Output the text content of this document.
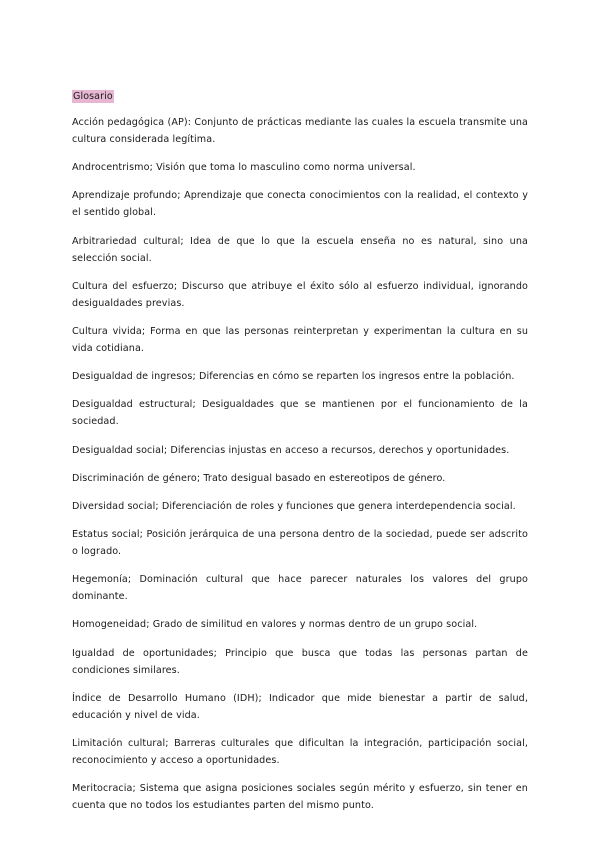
Glosario
Acción pedagógica (AP): Conjunto de prácticas mediante las cuales la escuela transmite una cultura considerada legítima.
Androcentrismo; Visión que toma lo masculino como norma universal.
Aprendizaje profundo; Aprendizaje que conecta conocimientos con la realidad, el contexto y el sentido global.
Arbitrariedad cultural; Idea de que lo que la escuela enseña no es natural, sino una selección social.
Cultura del esfuerzo; Discurso que atribuye el éxito sólo al esfuerzo individual, ignorando desigualdades previas.
Cultura vivida; Forma en que las personas reinterpretan y experimentan la cultura en su vida cotidiana.
Desigualdad de ingresos; Diferencias en cómo se reparten los ingresos entre la población.
Desigualdad estructural; Desigualdades que se mantienen por el funcionamiento de la sociedad.
Desigualdad social; Diferencias injustas en acceso a recursos, derechos y oportunidades.
Discriminación de género; Trato desigual basado en estereotipos de género.
Diversidad social; Diferenciación de roles y funciones que genera interdependencia social.
Estatus social; Posición jerárquica de una persona dentro de la sociedad, puede ser adscrito o logrado.
Hegemonía; Dominación cultural que hace parecer naturales los valores del grupo dominante.
Homogeneidad; Grado de similitud en valores y normas dentro de un grupo social.
Igualdad de oportunidades; Principio que busca que todas las personas partan de condiciones similares.
Índice de Desarrollo Humano (IDH); Indicador que mide bienestar a partir de salud, educación y nivel de vida.
Limitación cultural; Barreras culturales que dificultan la integración, participación social, reconocimiento y acceso a oportunidades.
Meritocracia; Sistema que asigna posiciones sociales según mérito y esfuerzo, sin tener en cuenta que no todos los estudiantes parten del mismo punto.
